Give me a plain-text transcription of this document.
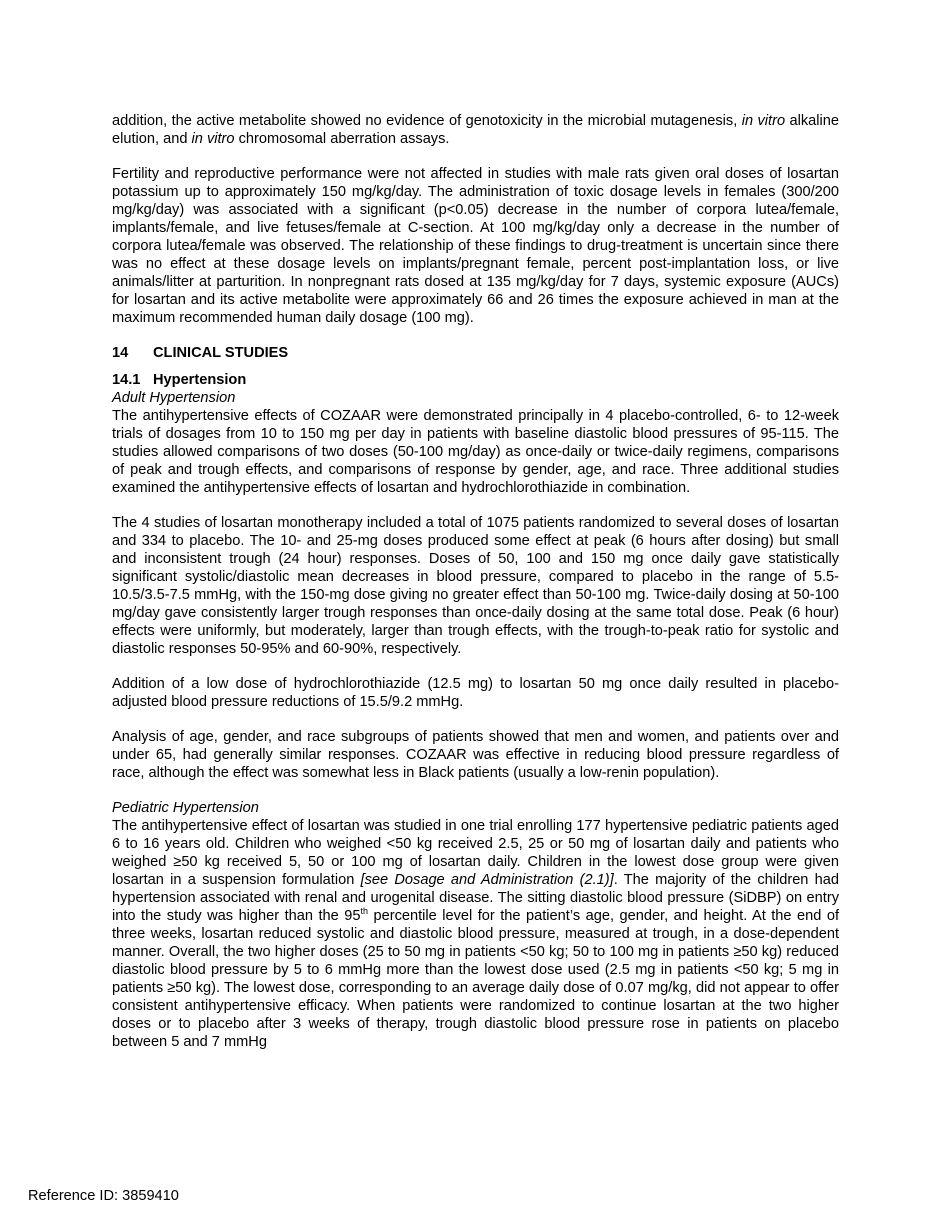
addition, the active metabolite showed no evidence of genotoxicity in the microbial mutagenesis, in vitro alkaline elution, and in vitro chromosomal aberration assays.

Fertility and reproductive performance were not affected in studies with male rats given oral doses of losartan potassium up to approximately 150 mg/kg/day. The administration of toxic dosage levels in females (300/200 mg/kg/day) was associated with a significant (p<0.05) decrease in the number of corpora lutea/female, implants/female, and live fetuses/female at C-section. At 100 mg/kg/day only a decrease in the number of corpora lutea/female was observed. The relationship of these findings to drug-treatment is uncertain since there was no effect at these dosage levels on implants/pregnant female, percent post-implantation loss, or live animals/litter at parturition. In nonpregnant rats dosed at 135 mg/kg/day for 7 days, systemic exposure (AUCs) for losartan and its active metabolite were approximately 66 and 26 times the exposure achieved in man at the maximum recommended human daily dosage (100 mg).

14 CLINICAL STUDIES
14.1 Hypertension
Adult Hypertension

The antihypertensive effects of COZAAR were demonstrated principally in 4 placebo-controlled, 6- to 12-week trials of dosages from 10 to 150 mg per day in patients with baseline diastolic blood pressures of 95-115. The studies allowed comparisons of two doses (50-100 mg/day) as once-daily or twice-daily regimens, comparisons of peak and trough effects, and comparisons of response by gender, age, and race. Three additional studies examined the antihypertensive effects of losartan and hydrochlorothiazide in combination.

The 4 studies of losartan monotherapy included a total of 1075 patients randomized to several doses of losartan and 334 to placebo. The 10- and 25-mg doses produced some effect at peak (6 hours after dosing) but small and inconsistent trough (24 hour) responses. Doses of 50, 100 and 150 mg once daily gave statistically significant systolic/diastolic mean decreases in blood pressure, compared to placebo in the range of 5.5-10.5/3.5-7.5 mmHg, with the 150-mg dose giving no greater effect than 50-100 mg. Twice-daily dosing at 50-100 mg/day gave consistently larger trough responses than once-daily dosing at the same total dose. Peak (6 hour) effects were uniformly, but moderately, larger than trough effects, with the trough-to-peak ratio for systolic and diastolic responses 50-95% and 60-90%, respectively.

Addition of a low dose of hydrochlorothiazide (12.5 mg) to losartan 50 mg once daily resulted in placebo-adjusted blood pressure reductions of 15.5/9.2 mmHg.

Analysis of age, gender, and race subgroups of patients showed that men and women, and patients over and under 65, had generally similar responses. COZAAR was effective in reducing blood pressure regardless of race, although the effect was somewhat less in Black patients (usually a low-renin population).

Pediatric Hypertension

The antihypertensive effect of losartan was studied in one trial enrolling 177 hypertensive pediatric patients aged 6 to 16 years old. Children who weighed <50 kg received 2.5, 25 or 50 mg of losartan daily and patients who weighed ≥50 kg received 5, 50 or 100 mg of losartan daily. Children in the lowest dose group were given losartan in a suspension formulation [see Dosage and Administration (2.1)]. The majority of the children had hypertension associated with renal and urogenital disease. The sitting diastolic blood pressure (SiDBP) on entry into the study was higher than the 95th percentile level for the patient’s age, gender, and height. At the end of three weeks, losartan reduced systolic and diastolic blood pressure, measured at trough, in a dose-dependent manner. Overall, the two higher doses (25 to 50 mg in patients <50 kg; 50 to 100 mg in patients ≥50 kg) reduced diastolic blood pressure by 5 to 6 mmHg more than the lowest dose used (2.5 mg in patients <50 kg; 5 mg in patients ≥50 kg). The lowest dose, corresponding to an average daily dose of 0.07 mg/kg, did not appear to offer consistent antihypertensive efficacy. When patients were randomized to continue losartan at the two higher doses or to placebo after 3 weeks of therapy, trough diastolic blood pressure rose in patients on placebo between 5 and 7 mmHg

Reference ID: 3859410
